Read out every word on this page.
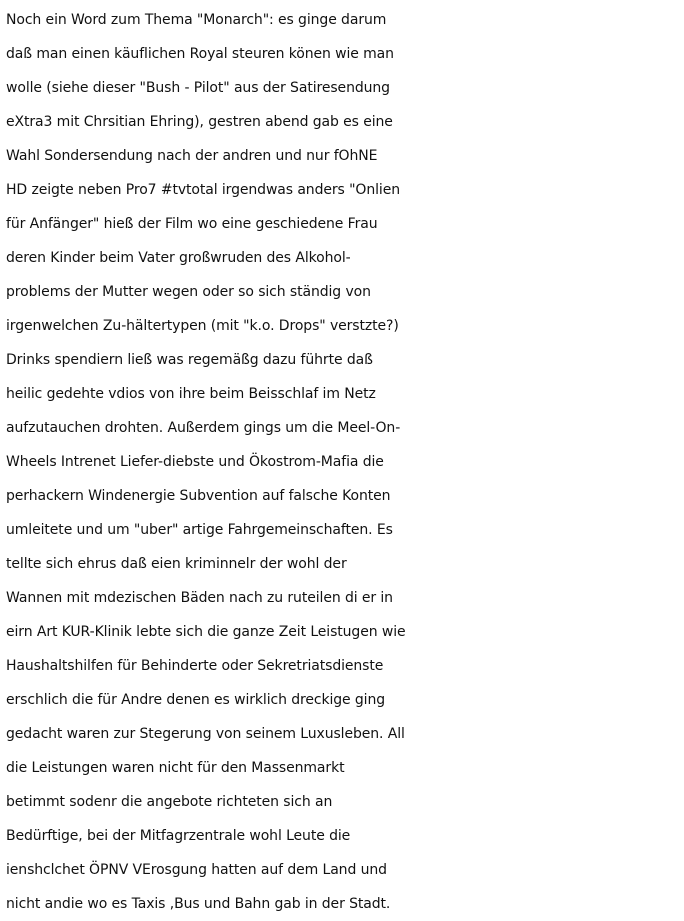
Noch ein Word zum Thema "Monarch": es ginge darum
daß man einen käuflichen Royal steuren könen wie man
wolle (siehe dieser "Bush - Pilot" aus der Satiresendung
eXtra3 mit Chrsitian Ehring), gestren abend gab es eine
Wahl Sondersendung nach der andren und nur fOhNE
HD zeigte neben Pro7 #tvtotal irgendwas anders "Onlien
für Anfänger" hieß der Film wo eine geschiedene Frau
deren Kinder beim Vater großwruden des Alkohol-
problems der Mutter wegen oder so sich ständig von
irgenwelchen Zu-hältertypen (mit "k.o. Drops" verstzte?)
Drinks spendiern ließ was regemäßg dazu führte daß
heilic gedehte vdios von ihre beim Beisschlaf im Netz
aufzutauchen drohten. Außerdem gings um die Meel-On-
Wheels Intrenet Liefer-diebste und Ökostrom-Mafia die
perhackern Windenergie Subvention auf falsche Konten
umleitete und um "uber" artige Fahrgemeinschaften. Es
tellte sich ehrus daß eien kriminnelr der wohl der
Wannen mit mdezischen Bäden nach zu ruteilen di er in
eirn Art KUR-Klinik lebte sich die ganze Zeit Leistugen wie
Haushaltshilfen für Behinderte oder Sekretriatsdienste
erschlich die für Andre denen es wirklich dreckige ging
gedacht waren zur Stegerung von seinem Luxusleben. All
die Leistungen waren nicht für den Massenmarkt
betimmt sodenr die angebote richteten sich an
Bedürftige, bei der Mitfagrzentrale wohl Leute die
ienshclchet ÖPNV VErosgung hatten auf dem Land und
nicht andie wo es Taxis ,Bus und Bahn gab in der Stadt.
